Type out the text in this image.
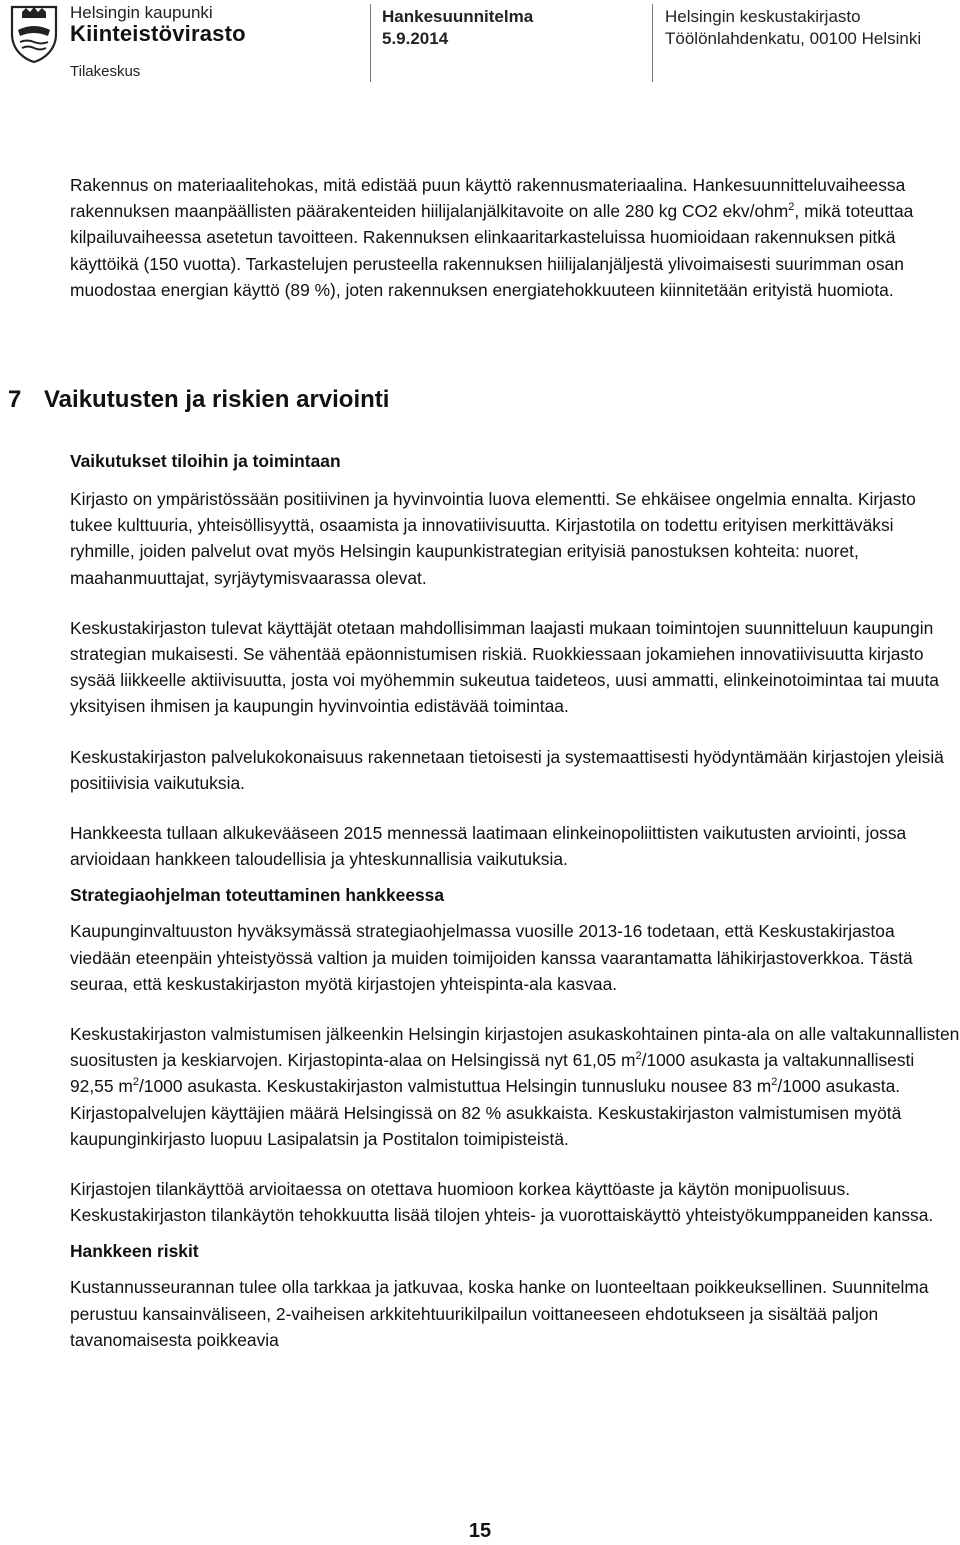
Helsingin kaupunki
Kiinteistövirasto
Tilakeskus
Hankesuunnitelma
5.9.2014
Helsingin keskustakirjasto
Töölönlahdenkatu, 00100 Helsinki

Rakennus on materiaalitehokas, mitä edistää puun käyttö rakennusmateriaalina. Hankesuunnitteluvaiheessa rakennuksen maanpäällisten päärakenteiden hiilijalanjälkitavoite on alle 280 kg CO2 ekv/ohm$^2$, mikä toteuttaa kilpailuvaiheessa asetetun tavoitteen. Rakennuksen elinkaaritarkasteluissa huomioidaan rakennuksen pitkä käyttöikä (150 vuotta). Tarkastelujen perusteella rakennuksen hiilijalanjäljestä ylivoimaisesti suurimman osan muodostaa energian käyttö (89 %), joten rakennuksen energiatehokkuuteen kiinnitetään erityistä huomiota.

7 Vaikutusten ja riskien arviointi
Vaikutukset tiloihin ja toimintaan

Kirjasto on ympäristössään positiivinen ja hyvinvointia luova elementti. Se ehkäisee ongelmia ennalta. Kirjasto tukee kulttuuria, yhteisöllisyyttä, osaamista ja innovatiivisuutta. Kirjastotila on todettu erityisen merkittäväksi ryhmille, joiden palvelut ovat myös Helsingin kaupunkistrategian erityisiä panostuksen kohteita: nuoret, maahanmuuttajat, syrjäytymisvaarassa olevat.

Keskustakirjaston tulevat käyttäjät otetaan mahdollisimman laajasti mukaan toimintojen suunnitteluun kaupungin strategian mukaisesti. Se vähentää epäonnistumisen riskiä. Ruokkiessaan jokamiehen innovatiivisuutta kirjasto sysää liikkeelle aktiivisuutta, josta voi myöhemmin sukeutua taideteos, uusi ammatti, elinkeinotoimintaa tai muuta yksityisen ihmisen ja kaupungin hyvinvointia edistävää toimintaa.

Keskustakirjaston palvelukokonaisuus rakennetaan tietoisesti ja systemaattisesti hyödyntämään kirjastojen yleisiä positiivisia vaikutuksia.

Hankkeesta tullaan alkukevääseen 2015 mennessä laatimaan elinkeinopoliittisten vaikutusten arviointi, jossa arvioidaan hankkeen taloudellisia ja yhteskunnallisia vaikutuksia.

Strategiaohjelman toteuttaminen hankkeessa

Kaupunginvaltuuston hyväksymässä strategiaohjelmassa vuosille 2013-16 todetaan, että Keskustakirjastoa viedään eteenpäin yhteistyössä valtion ja muiden toimijoiden kanssa vaarantamatta lähikirjastoverkkoa. Tästä seuraa, että keskustakirjaston myötä kirjastojen yhteispinta-ala kasvaa.

Keskustakirjaston valmistumisen jälkeenkin Helsingin kirjastojen asukaskohtainen pinta-ala on alle valtakunnallisten suositusten ja keskiarvojen. Kirjastopinta-alaa on Helsingissä nyt 61,05 $m^2/1000$ asukasta ja valtakunnallisesti 92,55 $m^2/1000$ asukasta. Keskustakirjaston valmistuttua Helsingin tunnusluku nousee 83 $m^2/1000$ asukasta. Kirjastopalvelujen käyttäjien määrä Helsingissä on 82 % asukkaista. Keskustakirjaston valmistumisen myötä kaupunginkirjasto luopuu Lasipalatsin ja Postitalon toimipisteistä.

Kirjastojen tilankäyttöä arvioitaessa on otettava huomioon korkea käyttöaste ja käytön monipuolisuus. Keskustakirjaston tilankäytön tehokkuutta lisää tilojen yhteis- ja vuorottaiskäyttö yhteistyökumppaneiden kanssa.

Hankkeen riskit

Kustannusseurannan tulee olla tarkkaa ja jatkuvaa, koska hanke on luonteeltaan poikkeuksellinen. Suunnitelma perustuu kansainväliseen, 2-vaiheisen arkkitehtuurikilpailun voittaneeseen ehdotukseen ja sisältää paljon tavanomaisesta poikkeavia

15
